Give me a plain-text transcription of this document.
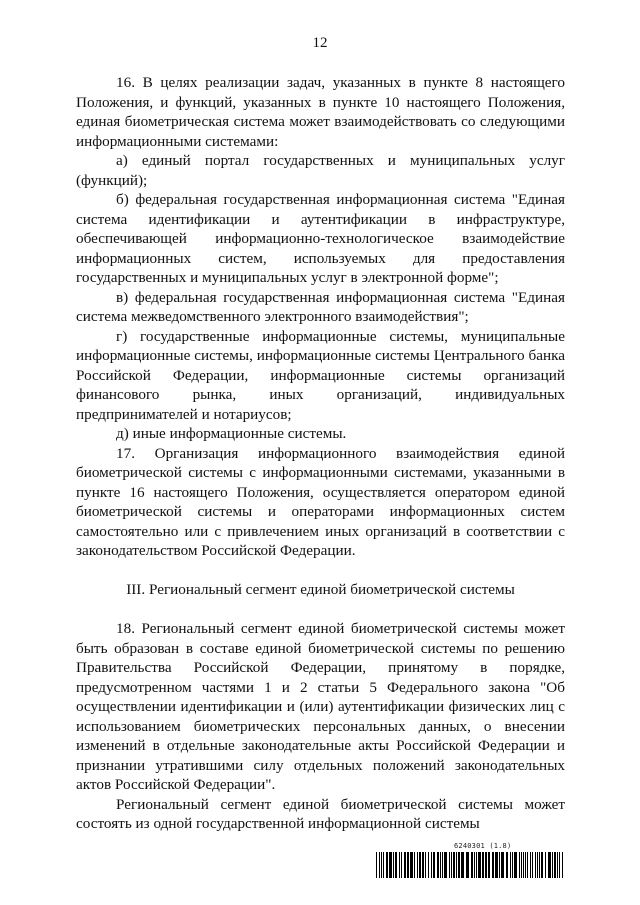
12

16. В целях реализации задач, указанных в пункте 8 настоящего Положения, и функций, указанных в пункте 10 настоящего Положения, единая биометрическая система может взаимодействовать со следующими информационными системами:

а) единый портал государственных и муниципальных услуг (функций);

б) федеральная государственная информационная система "Единая система идентификации и аутентификации в инфраструктуре, обеспечивающей информационно-технологическое взаимодействие информационных систем, используемых для предоставления государственных и муниципальных услуг в электронной форме";

в) федеральная государственная информационная система "Единая система межведомственного электронного взаимодействия";

г) государственные информационные системы, муниципальные информационные системы, информационные системы Центрального банка Российской Федерации, информационные системы организаций финансового рынка, иных организаций, индивидуальных предпринимателей и нотариусов;

д) иные информационные системы.

17. Организация информационного взаимодействия единой биометрической системы с информационными системами, указанными в пункте 16 настоящего Положения, осуществляется оператором единой биометрической системы и операторами информационных систем самостоятельно или с привлечением иных организаций в соответствии с законодательством Российской Федерации.

III. Региональный сегмент единой биометрической системы

18. Региональный сегмент единой биометрической системы может быть образован в составе единой биометрической системы по решению Правительства Российской Федерации, принятому в порядке, предусмотренном частями 1 и 2 статьи 5 Федерального закона "Об осуществлении идентификации и (или) аутентификации физических лиц с использованием биометрических персональных данных, о внесении изменений в отдельные законодательные акты Российской Федерации и признании утратившими силу отдельных положений законодательных актов Российской Федерации".

Региональный сегмент единой биометрической системы может состоять из одной государственной информационной системы

6240301 (1.8)
